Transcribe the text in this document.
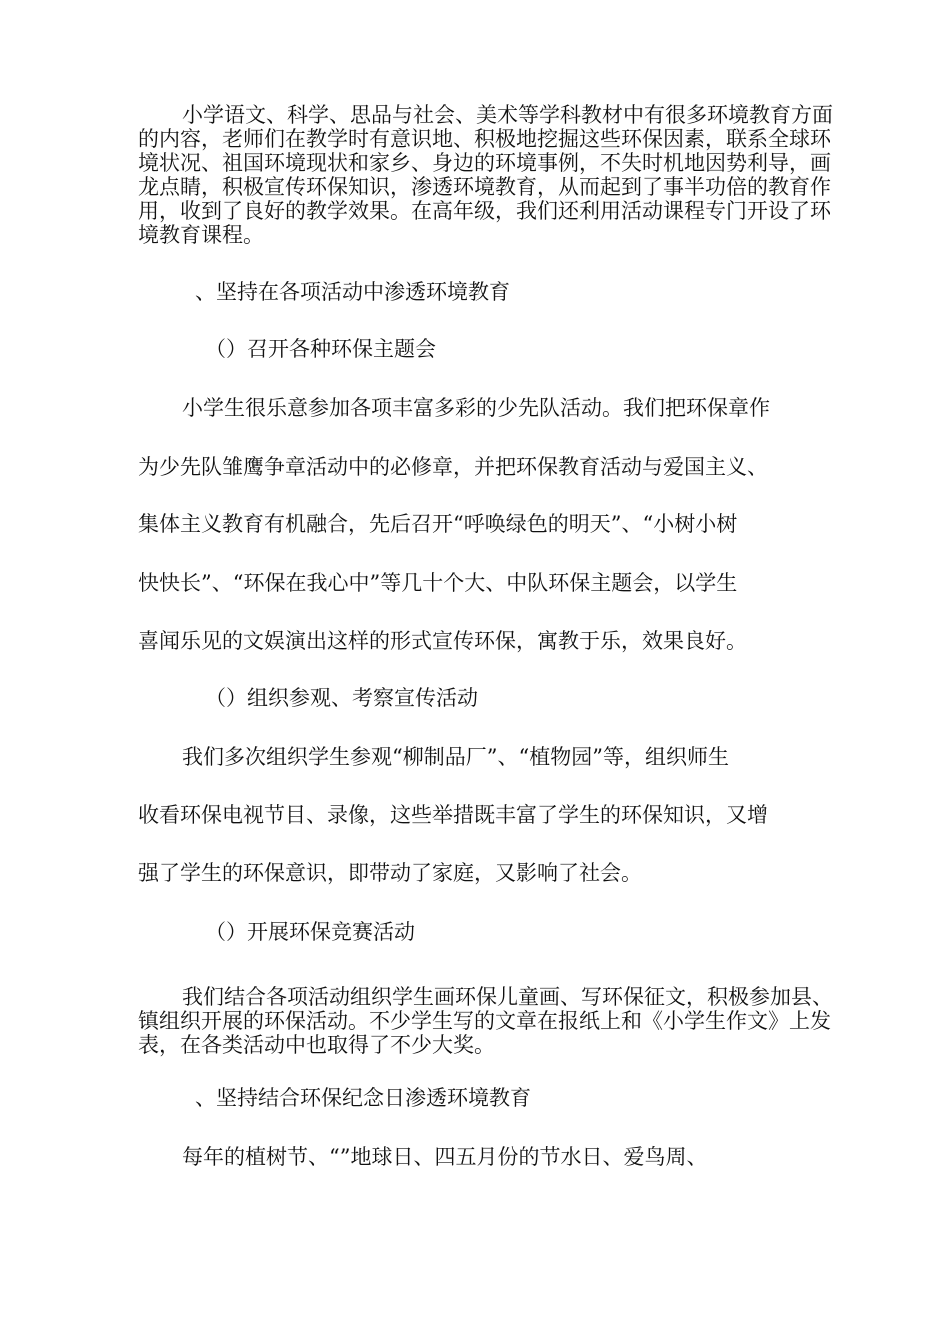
小学语文、科学、思品与社会、美术等学科教材中有很多环境教育方面的内容，老师们在教学时有意识地、积极地挖掘这些环保因素，联系全球环境状况、祖国环境现状和家乡、身边的环境事例，不失时机地因势利导，画龙点睛，积极宣传环保知识，渗透环境教育，从而起到了事半功倍的教育作用，收到了良好的教学效果。在高年级，我们还利用活动课程专门开设了环境教育课程。
、坚持在各项活动中渗透环境教育
（）召开各种环保主题会
小学生很乐意参加各项丰富多彩的少先队活动。我们把环保章作
为少先队雏鹰争章活动中的必修章，并把环保教育活动与爱国主义、
集体主义教育有机融合，先后召开“呼唤绿色的明天”、“小树小树
快快长”、“环保在我心中”等几十个大、中队环保主题会，以学生
喜闻乐见的文娱演出这样的形式宣传环保，寓教于乐，效果良好。
（）组织参观、考察宣传活动
我们多次组织学生参观“柳制品厂”、“植物园”等，组织师生
收看环保电视节目、录像，这些举措既丰富了学生的环保知识，又增
强了学生的环保意识，即带动了家庭，又影响了社会。
（）开展环保竞赛活动
我们结合各项活动组织学生画环保儿童画、写环保征文，积极参加县、镇组织开展的环保活动。不少学生写的文章在报纸上和《小学生作文》上发表，在各类活动中也取得了不少大奖。
、坚持结合环保纪念日渗透环境教育
每年的植树节、“”地球日、四五月份的节水日、爱鸟周、
